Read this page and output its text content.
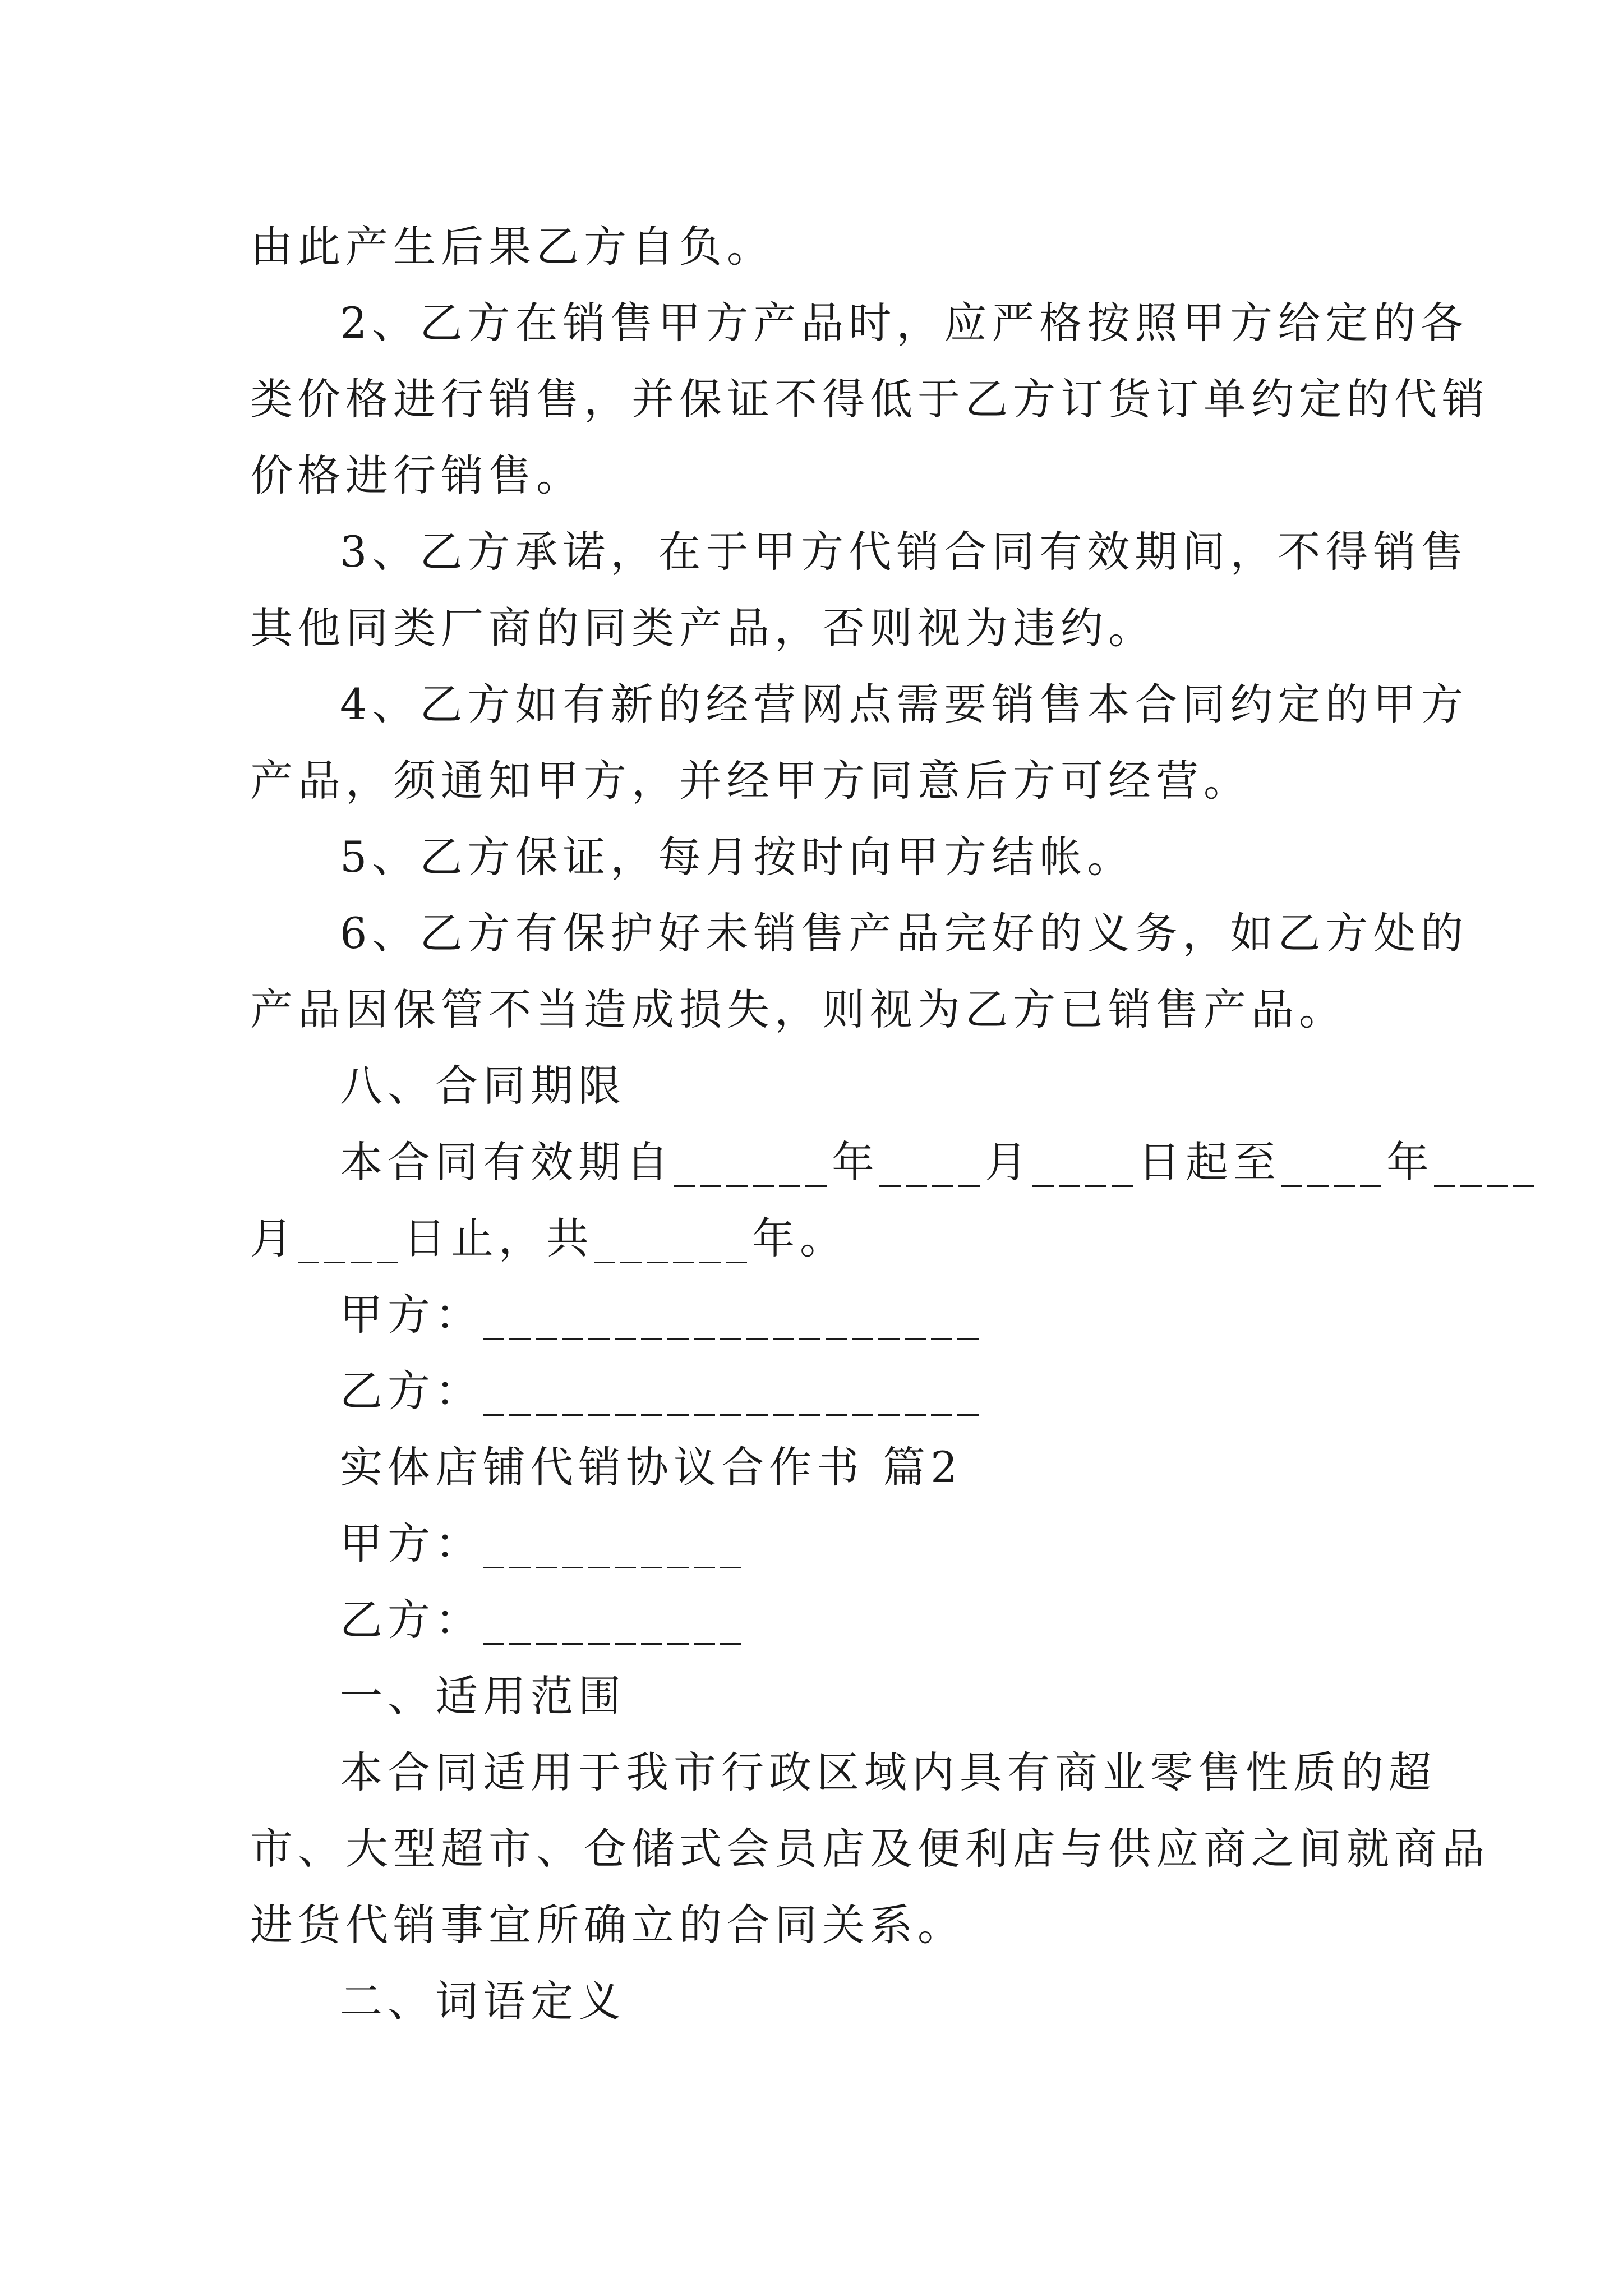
由此产生后果乙方自负。
2、乙方在销售甲方产品时，应严格按照甲方给定的各
类价格进行销售，并保证不得低于乙方订货订单约定的代销
价格进行销售。
3、乙方承诺，在于甲方代销合同有效期间，不得销售
其他同类厂商的同类产品，否则视为违约。
4、乙方如有新的经营网点需要销售本合同约定的甲方
产品，须通知甲方，并经甲方同意后方可经营。
5、乙方保证，每月按时向甲方结帐。
6、乙方有保护好未销售产品完好的义务，如乙方处的
产品因保管不当造成损失，则视为乙方已销售产品。
八、合同期限
本合同有效期自______年____月____日起至____年____
月____日止，共______年。
甲方：___________________
乙方：___________________
实体店铺代销协议合作书 篇2
甲方：__________
乙方：__________
一、适用范围
本合同适用于我市行政区域内具有商业零售性质的超
市、大型超市、仓储式会员店及便利店与供应商之间就商品
进货代销事宜所确立的合同关系。
二、词语定义
